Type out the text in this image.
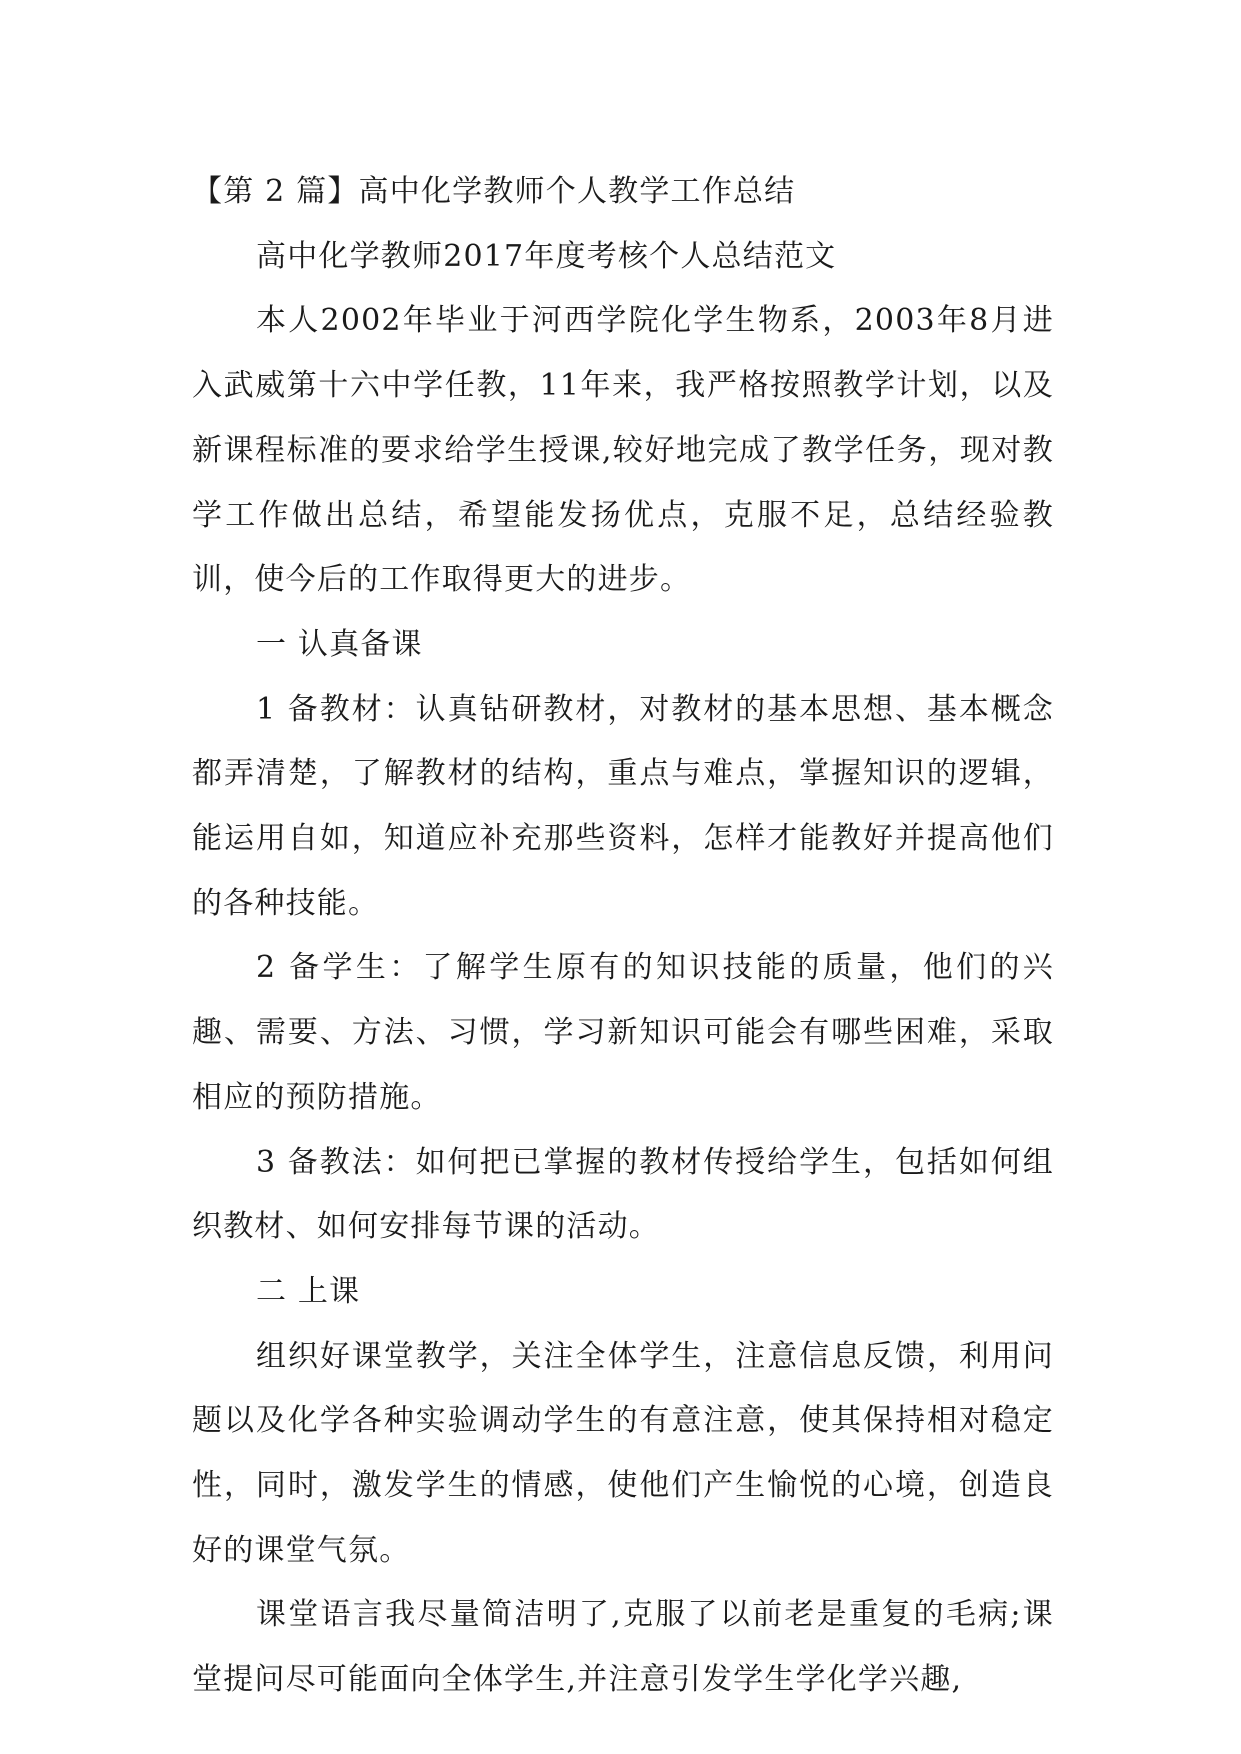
【第 2 篇】高中化学教师个人教学工作总结

高中化学教师2017年度考核个人总结范文

本人2002年毕业于河西学院化学生物系，2003年8月进入武威第十六中学任教，11年来，我严格按照教学计划，以及新课程标准的要求给学生授课,较好地完成了教学任务，现对教学工作做出总结，希望能发扬优点，克服不足，总结经验教训，使今后的工作取得更大的进步。

一 认真备课

1 备教材：认真钻研教材，对教材的基本思想、基本概念都弄清楚，了解教材的结构，重点与难点，掌握知识的逻辑，能运用自如，知道应补充那些资料，怎样才能教好并提高他们的各种技能。

2 备学生：了解学生原有的知识技能的质量，他们的兴趣、需要、方法、习惯，学习新知识可能会有哪些困难，采取相应的预防措施。

3 备教法：如何把已掌握的教材传授给学生，包括如何组织教材、如何安排每节课的活动。

二 上课

组织好课堂教学，关注全体学生，注意信息反馈，利用问题以及化学各种实验调动学生的有意注意，使其保持相对稳定性，同时，激发学生的情感，使他们产生愉悦的心境，创造良好的课堂气氛。

课堂语言我尽量简洁明了,克服了以前老是重复的毛病;课堂提问尽可能面向全体学生,并注意引发学生学化学兴趣,
